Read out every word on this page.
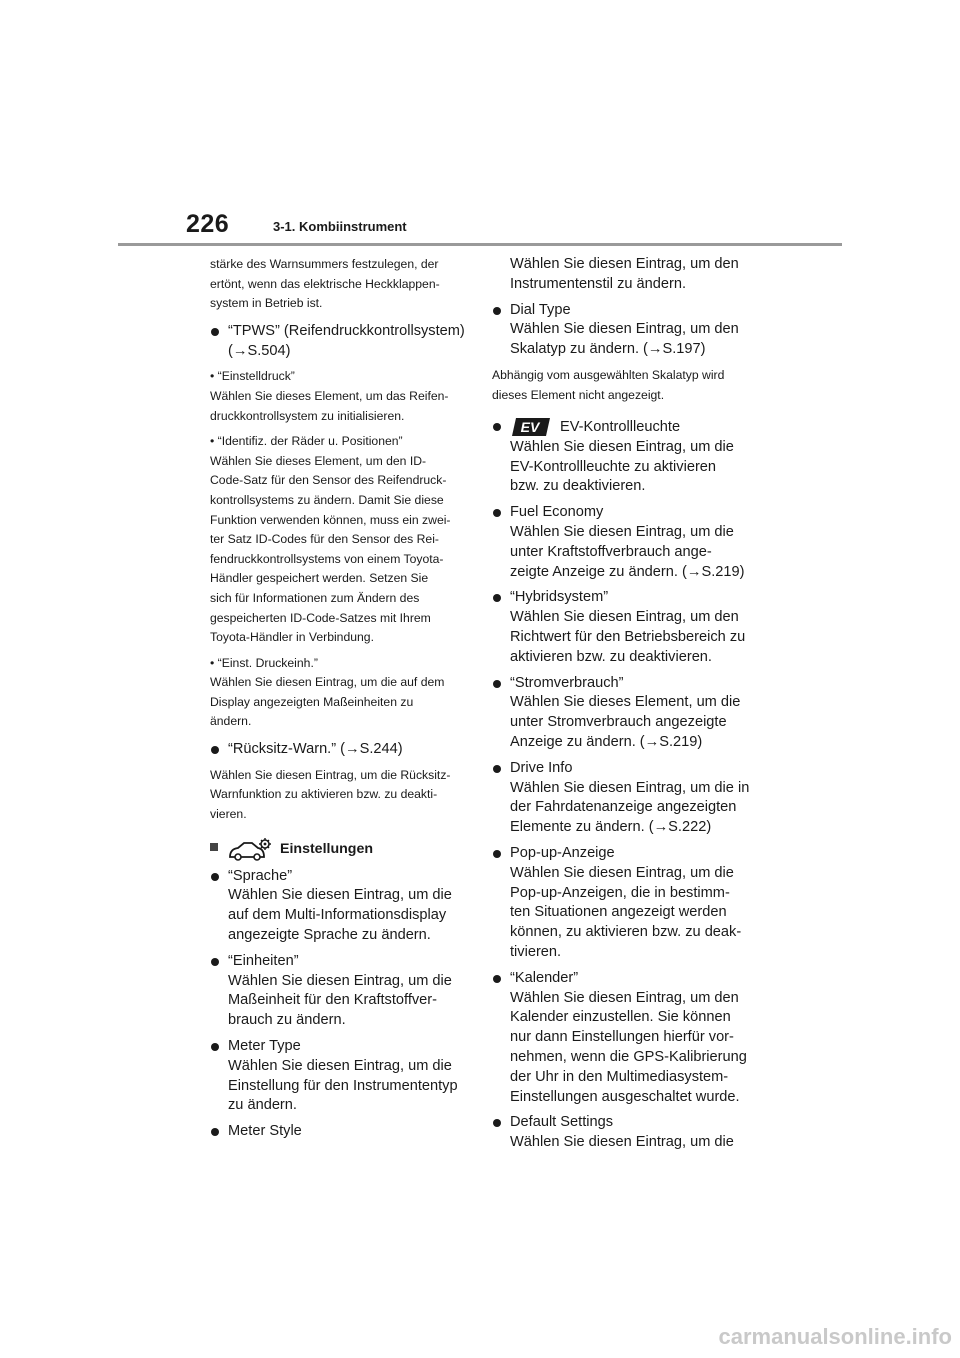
226	3-1. Kombiinstrument
stärke des Warnsummers festzulegen, der
ertönt, wenn das elektrische Heckklappen-
system in Betrieb ist.
“TPWS” (Reifendruckkontrollsystem)
(→S.504)
• “Einstelldruck”
Wählen Sie dieses Element, um das Reifen-
druckkontrollsystem zu initialisieren.
• “Identifiz. der Räder u. Positionen”
Wählen Sie dieses Element, um den ID-
Code-Satz für den Sensor des Reifendruck-
kontrollsystems zu ändern. Damit Sie diese
Funktion verwenden können, muss ein zwei-
ter Satz ID-Codes für den Sensor des Rei-
fendruckkontrollsystems von einem Toyota-
Händler gespeichert werden. Setzen Sie
sich für Informationen zum Ändern des
gespeicherten ID-Code-Satzes mit Ihrem
Toyota-Händler in Verbindung.
• “Einst. Druckeinh.”
Wählen Sie diesen Eintrag, um die auf dem
Display angezeigten Maßeinheiten zu
ändern.
“Rücksitz-Warn.” (→S.244)
Wählen Sie diesen Eintrag, um die Rücksitz-
Warnfunktion zu aktivieren bzw. zu deakti-
vieren.
Einstellungen
“Sprache”
Wählen Sie diesen Eintrag, um die
auf dem Multi-Informationsdisplay
angezeigte Sprache zu ändern.
“Einheiten”
Wählen Sie diesen Eintrag, um die
Maßeinheit für den Kraftstoffver-
brauch zu ändern.
Meter Type
Wählen Sie diesen Eintrag, um die
Einstellung für den Instrumententyp
zu ändern.
Meter Style
Wählen Sie diesen Eintrag, um den
Instrumentenstil zu ändern.
Dial Type
Wählen Sie diesen Eintrag, um den
Skalatyp zu ändern. (→S.197)
Abhängig vom ausgewählten Skalatyp wird
dieses Element nicht angezeigt.
EV EV-Kontrollleuchte
Wählen Sie diesen Eintrag, um die
EV-Kontrollleuchte zu aktivieren
bzw. zu deaktivieren.
Fuel Economy
Wählen Sie diesen Eintrag, um die
unter Kraftstoffverbrauch ange-
zeigte Anzeige zu ändern. (→S.219)
“Hybridsystem”
Wählen Sie diesen Eintrag, um den
Richtwert für den Betriebsbereich zu
aktivieren bzw. zu deaktivieren.
“Stromverbrauch”
Wählen Sie dieses Element, um die
unter Stromverbrauch angezeigte
Anzeige zu ändern. (→S.219)
Drive Info
Wählen Sie diesen Eintrag, um die in
der Fahrdatenanzeige angezeigten
Elemente zu ändern. (→S.222)
Pop-up-Anzeige
Wählen Sie diesen Eintrag, um die
Pop-up-Anzeigen, die in bestimm-
ten Situationen angezeigt werden
können, zu aktivieren bzw. zu deak-
tivieren.
“Kalender”
Wählen Sie diesen Eintrag, um den
Kalender einzustellen. Sie können
nur dann Einstellungen hierfür vor-
nehmen, wenn die GPS-Kalibrierung
der Uhr in den Multimediasystem-
Einstellungen ausgeschaltet wurde.
Default Settings
Wählen Sie diesen Eintrag, um die
carmanualsonline.info
